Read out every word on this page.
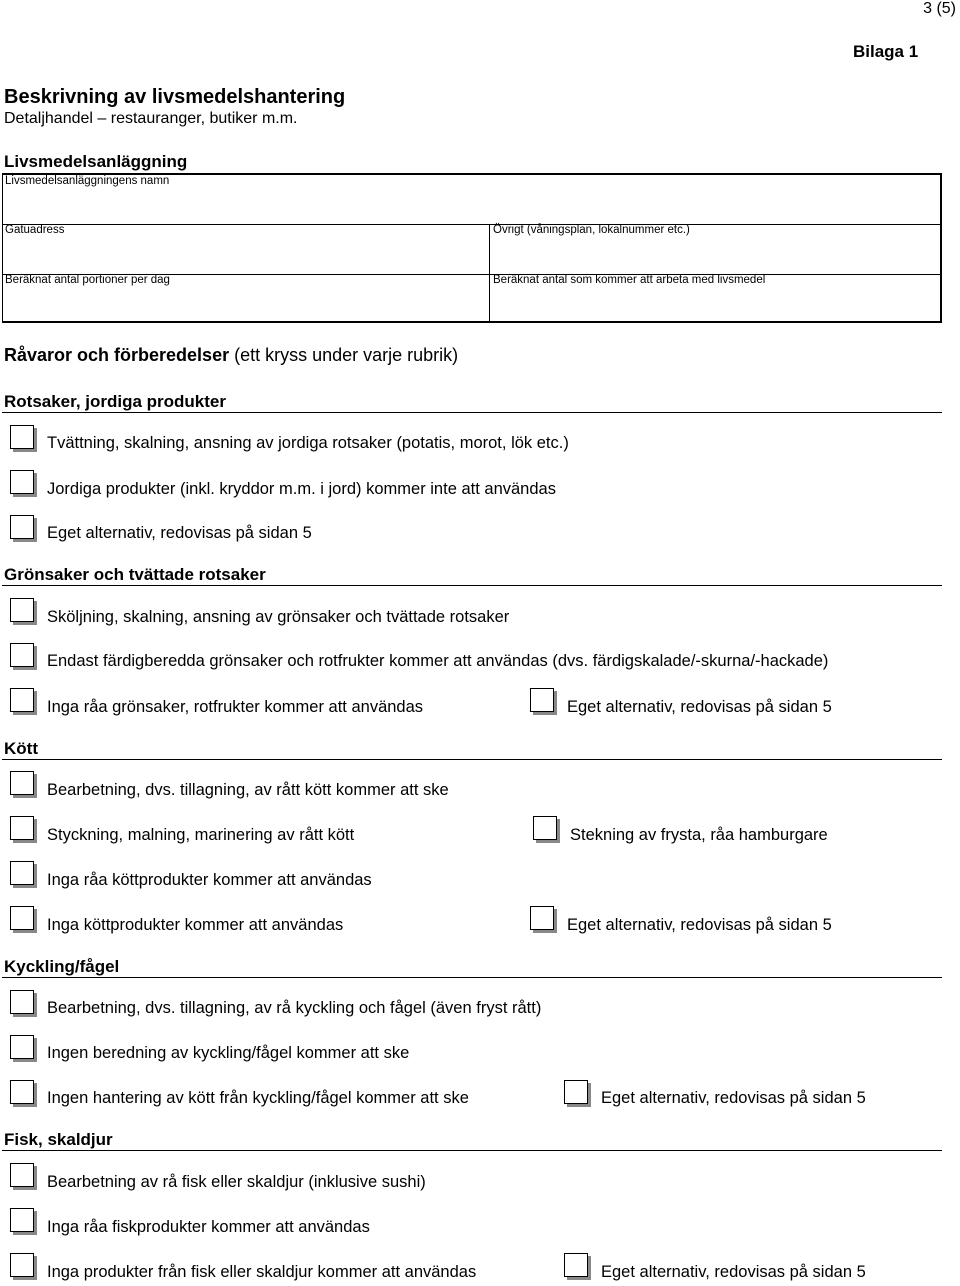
3 (5)
Bilaga 1
Beskrivning av livsmedelshantering
Detaljhandel – restauranger, butiker m.m.
Livsmedelsanläggning
Livsmedelsanläggningens namn
Gatuadress	Övrigt (våningsplan, lokalnummer etc.)
Beräknat antal portioner per dag	Beräknat antal som kommer att arbeta med livsmedel
Råvaror och förberedelser (ett kryss under varje rubrik)
Rotsaker, jordiga produkter
Tvättning, skalning, ansning av jordiga rotsaker (potatis, morot, lök etc.)
Jordiga produkter (inkl. kryddor m.m. i jord) kommer inte att användas
Eget alternativ, redovisas på sidan 5
Grönsaker och tvättade rotsaker
Sköljning, skalning, ansning av grönsaker och tvättade rotsaker
Endast färdigberedda grönsaker och rotfrukter kommer att användas (dvs. färdigskalade/-skurna/-hackade)
Inga råa grönsaker, rotfrukter kommer att användas	Eget alternativ, redovisas på sidan 5
Kött
Bearbetning, dvs. tillagning, av rått kött kommer att ske
Styckning, malning, marinering av rått kött	Stekning av frysta, råa hamburgare
Inga råa köttprodukter kommer att användas
Inga köttprodukter kommer att användas	Eget alternativ, redovisas på sidan 5
Kyckling/fågel
Bearbetning, dvs. tillagning, av rå kyckling och fågel (även fryst rått)
Ingen beredning av kyckling/fågel kommer att ske
Ingen hantering av kött från kyckling/fågel kommer att ske	Eget alternativ, redovisas på sidan 5
Fisk, skaldjur
Bearbetning av rå fisk eller skaldjur (inklusive sushi)
Inga råa fiskprodukter kommer att användas
Inga produkter från fisk eller skaldjur kommer att användas	Eget alternativ, redovisas på sidan 5
